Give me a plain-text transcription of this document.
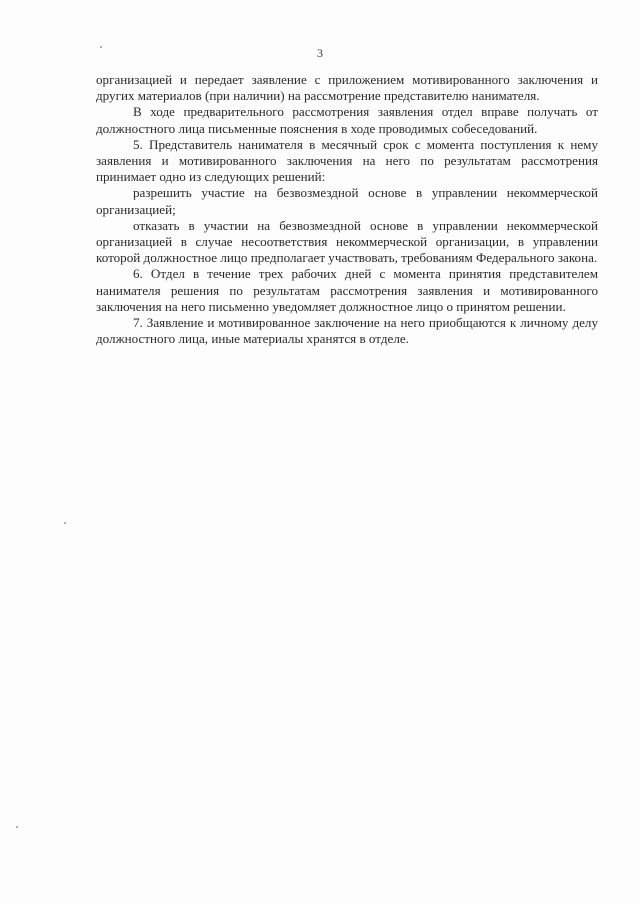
3

организацией и передает заявление с приложением мотивированного заключения и других материалов (при наличии) на рассмотрение представителю нанимателя.

В ходе предварительного рассмотрения заявления отдел вправе получать от должностного лица письменные пояснения в ходе проводимых собеседований.

5. Представитель нанимателя в месячный срок с момента поступления к нему заявления и мотивированного заключения на него по результатам рассмотрения принимает одно из следующих решений:

разрешить участие на безвозмездной основе в управлении некоммерческой организацией;

отказать в участии на безвозмездной основе в управлении некоммерческой организацией в случае несоответствия некоммерческой организации, в управлении которой должностное лицо предполагает участвовать, требованиям Федерального закона.

6. Отдел в течение трех рабочих дней с момента принятия представителем нанимателя решения по результатам рассмотрения заявления и мотивированного заключения на него письменно уведомляет должностное лицо о принятом решении.

7. Заявление и мотивированное заключение на него приобщаются к личному делу должностного лица, иные материалы хранятся в отделе.
